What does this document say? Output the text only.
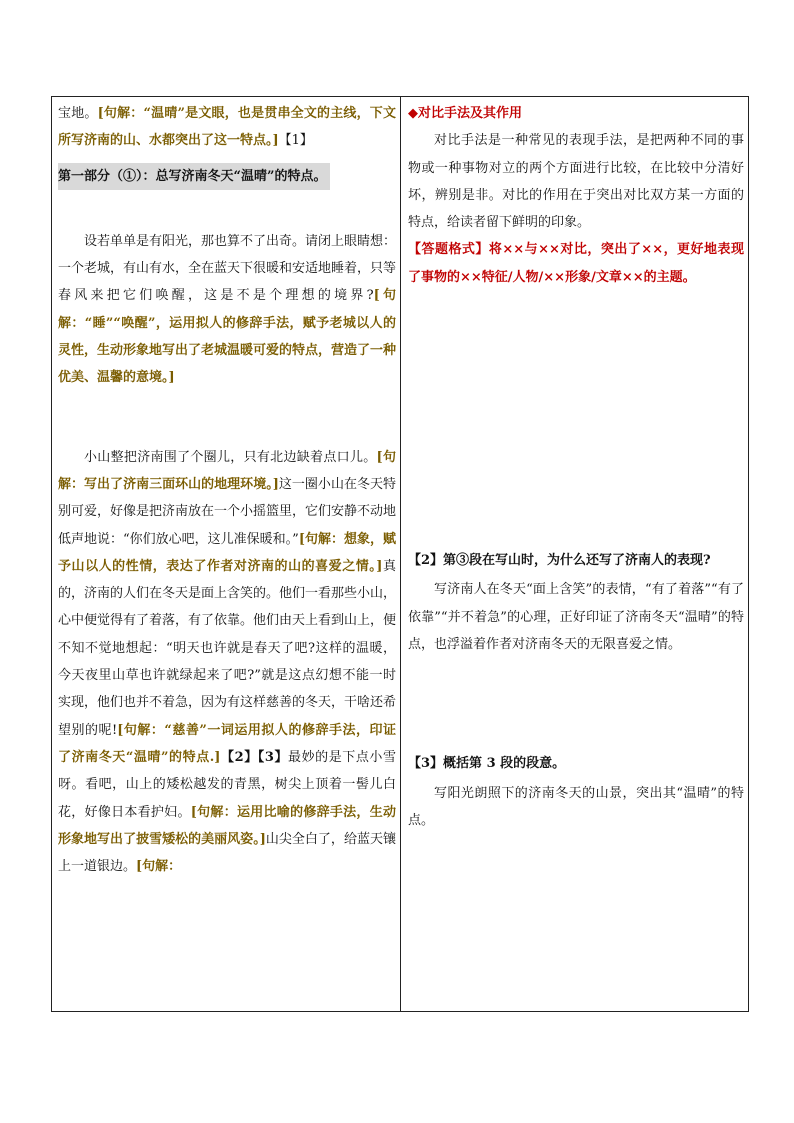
宝地。[句解：“温晴”是文眼，也是贯串全文的主线，下文所写济南的山、水都突出了这一特点。]【1】

第一部分（①）：总写济南冬天“温晴”的特点。

设若单单是有阳光，那也算不了出奇。请闭上眼睛想：一个老城，有山有水，全在蓝天下很暖和安适地睡着，只等春风来把它们唤醒，这是不是个理想的境界?[句解：“睡”“唤醒”，运用拟人的修辞手法，赋予老城以人的灵性，生动形象地写出了老城温暖可爱的特点，营造了一种优美、温馨的意境。]

小山整把济南围了个圈儿，只有北边缺着点口儿。[句解：写出了济南三面环山的地理环境。]这一圈小山在冬天特别可爱，好像是把济南放在一个小摇篮里，它们安静不动地低声地说：“你们放心吧，这儿准保暖和。”[句解：想象，赋予山以人的性情，表达了作者对济南的山的喜爱之情。]真的，济南的人们在冬天是面上含笑的。他们一看那些小山，心中便觉得有了着落，有了依靠。他们由天上看到山上，便不知不觉地想起：“明天也许就是春天了吧?这样的温暖，今天夜里山草也许就绿起来了吧?”就是这点幻想不能一时实现，他们也并不着急，因为有这样慈善的冬天，干啥还希望别的呢![句解：“慈善”一词运用拟人的修辞手法，印证了济南冬天“温晴”的特点.]【2】【3】最妙的是下点小雪呀。看吧，山上的矮松越发的青黑，树尖上顶着一髻儿白花，好像日本看护妇。[句解：运用比喻的修辞手法，生动形象地写出了披雪矮松的美丽风姿。]山尖全白了，给蓝天镶上一道银边。[句解：

◆对比手法及其作用

对比手法是一种常见的表现手法，是把两种不同的事物或一种事物对立的两个方面进行比较，在比较中分清好坏，辨别是非。对比的作用在于突出对比双方某一方面的特点，给读者留下鲜明的印象。

【答题格式】将××与××对比，突出了××，更好地表现了事物的××特征/人物/××形象/文章××的主题。

【2】第③段在写山时，为什么还写了济南人的表现?

写济南人在冬天“面上含笑”的表情，“有了着落”“有了依靠”“并不着急”的心理，正好印证了济南冬天“温晴”的特点，也浮溢着作者对济南冬天的无限喜爱之情。

【3】概括第 3 段的段意。

写阳光朗照下的济南冬天的山景，突出其“温晴”的特点。
